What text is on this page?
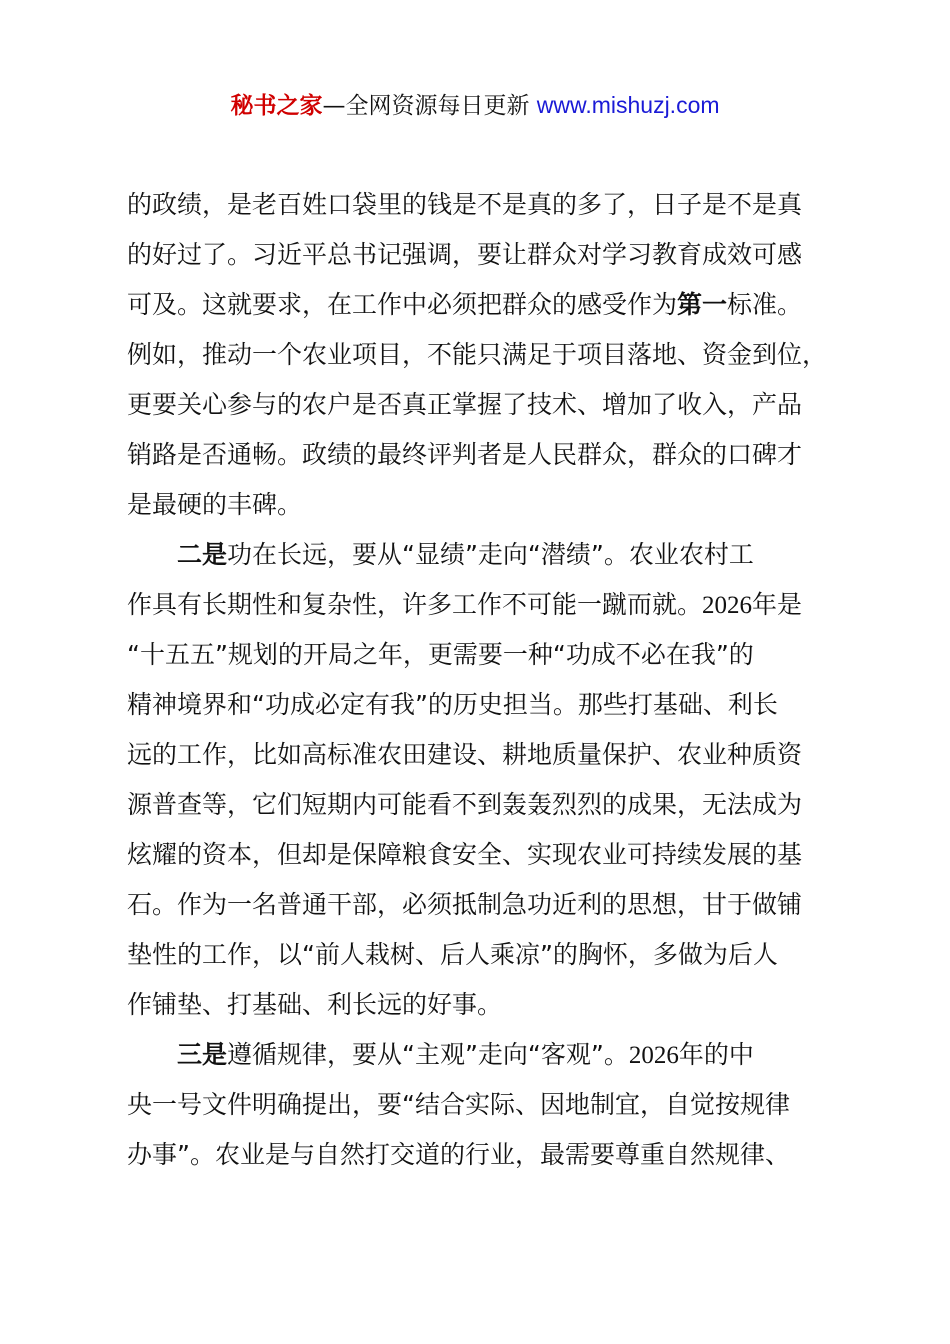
秘书之家—全网资源每日更新 www.mishuzj.com
的政绩，是老百姓口袋里的钱是不是真的多了，日子是不是真
的好过了。习近平总书记强调，要让群众对学习教育成效可感
可及。这就要求，在工作中必须把群众的感受作为第一标准。
例如，推动一个农业项目，不能只满足于项目落地、资金到位，
更要关心参与的农户是否真正掌握了技术、增加了收入，产品
销路是否通畅。政绩的最终评判者是人民群众，群众的口碑才
是最硬的丰碑。
二是功在长远，要从“显绩”走向“潜绩”。农业农村工
作具有长期性和复杂性，许多工作不可能一蹴而就。2026年是
“十五五”规划的开局之年，更需要一种“功成不必在我”的
精神境界和“功成必定有我”的历史担当。那些打基础、利长
远的工作，比如高标准农田建设、耕地质量保护、农业种质资
源普查等，它们短期内可能看不到轰轰烈烈的成果，无法成为
炫耀的资本，但却是保障粮食安全、实现农业可持续发展的基
石。作为一名普通干部，必须抵制急功近利的思想，甘于做铺
垫性的工作，以“前人栽树、后人乘凉”的胸怀，多做为后人
作铺垫、打基础、利长远的好事。
三是遵循规律，要从“主观”走向“客观”。2026年的中
央一号文件明确提出，要“结合实际、因地制宜，自觉按规律
办事”。农业是与自然打交道的行业，最需要尊重自然规律、
